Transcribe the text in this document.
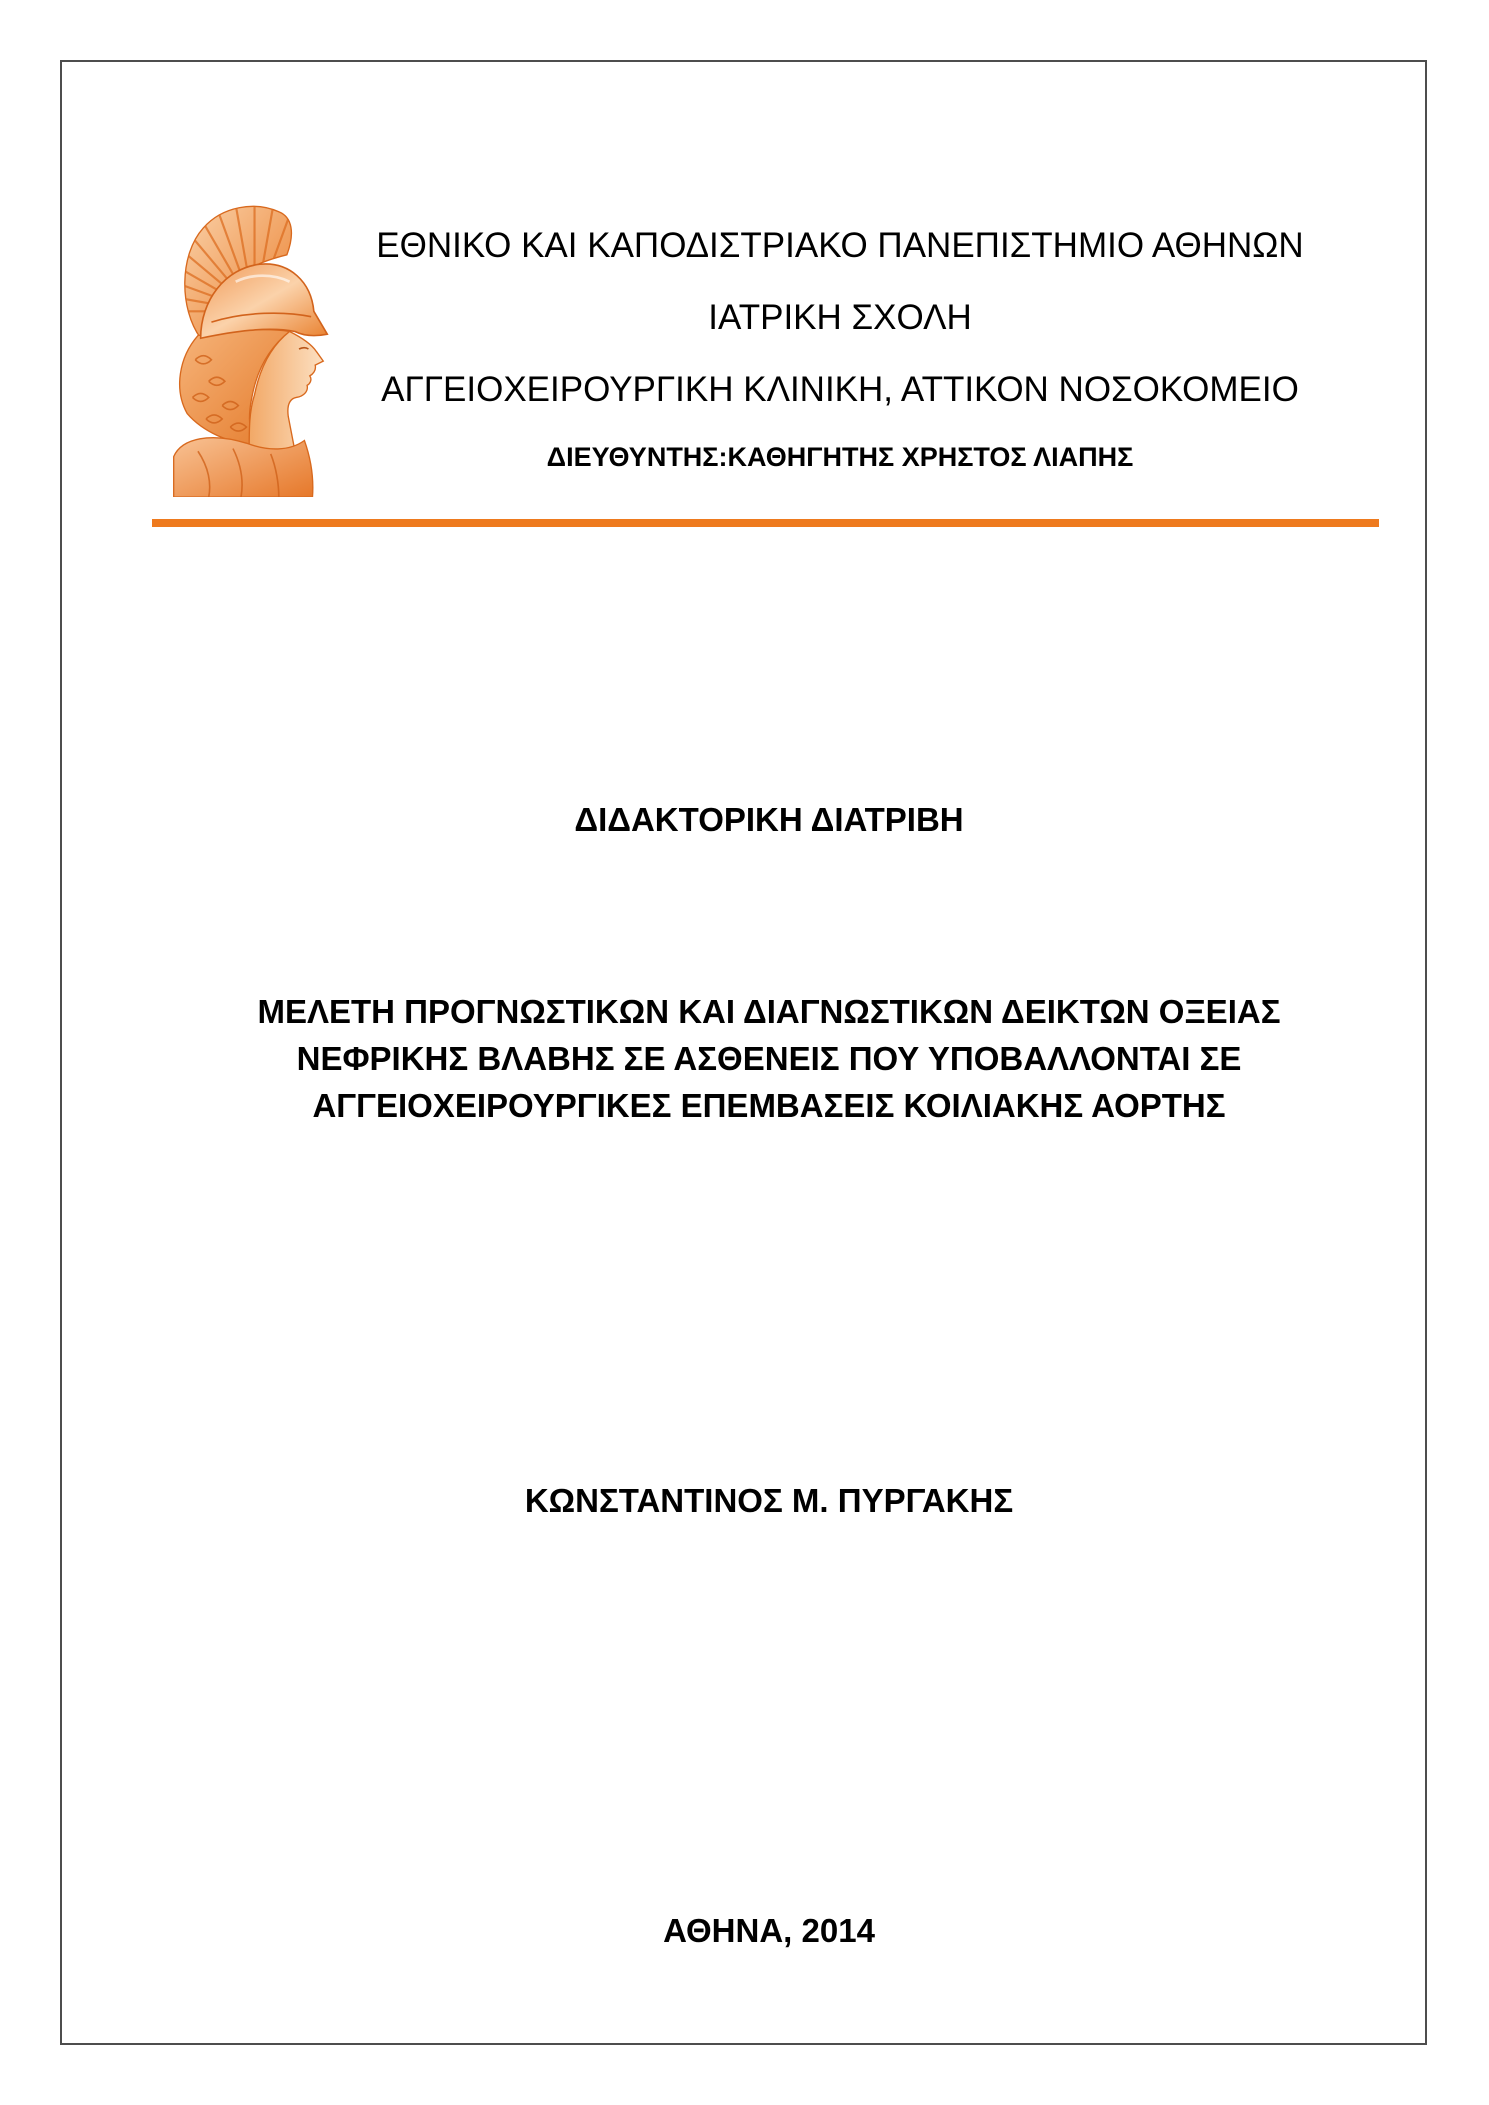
ΕΘΝΙΚΟ ΚΑΙ ΚΑΠΟΔΙΣΤΡΙΑΚΟ ΠΑΝΕΠΙΣΤΗΜΙΟ ΑΘΗΝΩΝ
ΙΑΤΡΙΚΗ ΣΧΟΛΗ
ΑΓΓΕΙΟΧΕΙΡΟΥΡΓΙΚΗ ΚΛΙΝΙΚΗ, ΑΤΤΙΚΟΝ ΝΟΣΟΚΟΜΕΙΟ
ΔΙΕΥΘΥΝΤΗΣ:ΚΑΘΗΓΗΤΗΣ ΧΡΗΣΤΟΣ ΛΙΑΠΗΣ
ΔΙΔΑΚΤΟΡΙΚΗ ΔΙΑΤΡΙΒΗ
ΜΕΛΕΤΗ ΠΡΟΓΝΩΣΤΙΚΩΝ ΚΑΙ ΔΙΑΓΝΩΣΤΙΚΩΝ ΔΕΙΚΤΩΝ ΟΞΕΙΑΣ
ΝΕΦΡΙΚΗΣ ΒΛΑΒΗΣ ΣΕ ΑΣΘΕΝΕΙΣ ΠΟΥ ΥΠΟΒΑΛΛΟΝΤΑΙ ΣΕ
ΑΓΓΕΙΟΧΕΙΡΟΥΡΓΙΚΕΣ ΕΠΕΜΒΑΣΕΙΣ ΚΟΙΛΙΑΚΗΣ ΑΟΡΤΗΣ
ΚΩΝΣΤΑΝΤΙΝΟΣ Μ. ΠΥΡΓΑΚΗΣ
ΑΘΗΝΑ, 2014
